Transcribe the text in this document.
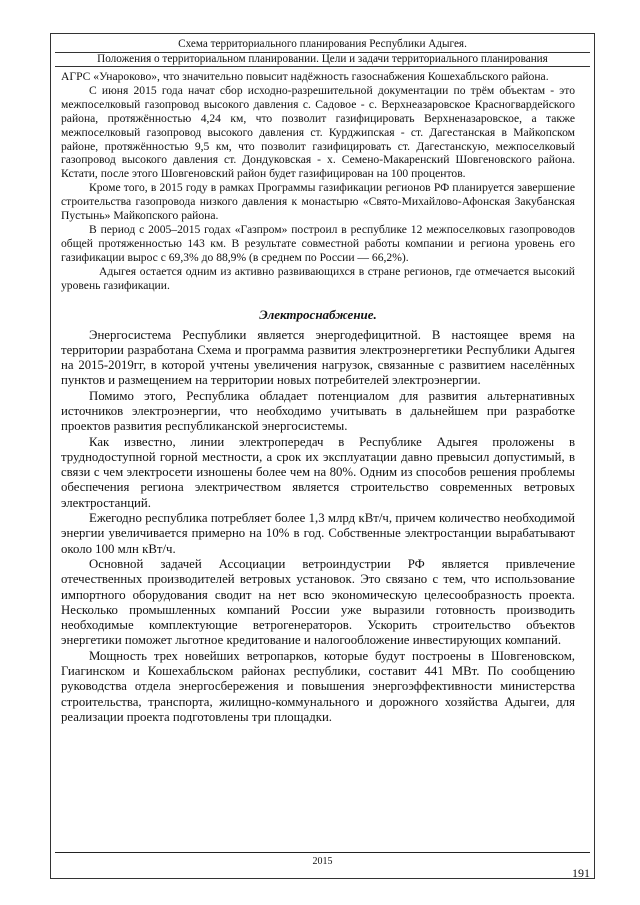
Схема территориального планирования Республики Адыгея.
Положения о территориальном планировании. Цели и задачи территориального планирования

АГРС «Унароково», что значительно повысит надёжность газоснабжения Кошехабльского района.

С июня 2015 года начат сбор исходно-разрешительной документации по трём объектам - это межпоселковый газопровод высокого давления с. Садовое - с. Верхнеазаровское Красногвардейского района, протяжённостью 4,24 км, что позволит газифицировать Верхненазаровское, а также межпоселковый газопровод высокого давления ст. Курджипская - ст. Дагестанская в Майкопском районе, протяжённостью 9,5 км, что позволит газифицировать ст. Дагестанскую, межпоселковый газопровод высокого давления ст. Дондуковская - х. Семено-Макаренский Шовгеновского района. Кстати, после этого Шовгеновский район будет газифицирован на 100 процентов.

Кроме того, в 2015 году в рамках Программы газификации регионов РФ планируется завершение строительства газопровода низкого давления к монастырю «Свято-Михайлово-Афонская Закубанская Пустынь» Майкопского района.

В период с 2005–2015 годах «Газпром» построил в республике 12 межпоселковых газопроводов общей протяженностью 143 км. В результате совместной работы компании и региона уровень его газификации вырос с 69,3% до 88,9% (в среднем по России — 66,2%).

Адыгея остается одним из активно развивающихся в стране регионов, где отмечается высокий уровень газификации.

Электроснабжение.

Энергосистема Республики является энергодефицитной. В настоящее время на территории разработана Схема и программа развития электроэнергетики Республики Адыгея на 2015-2019гг, в которой учтены увеличения нагрузок, связанные с развитием населённых пунктов и размещением на территории новых потребителей электроэнергии.

Помимо этого, Республика обладает потенциалом для развития альтернативных источников электроэнергии, что необходимо учитывать в дальнейшем при разработке проектов развития республиканской энергосистемы.

Как известно, линии электропередач в Республике Адыгея проложены в труднодоступной горной местности, а срок их эксплуатации давно превысил допустимый, в связи с чем электросети изношены более чем на 80%. Одним из способов решения проблемы обеспечения региона электричеством является строительство современных ветровых электростанций.

Ежегодно республика потребляет более 1,3 млрд кВт/ч, причем количество необходимой энергии увеличивается примерно на 10% в год. Собственные электростанции вырабатывают около 100 млн кВт/ч.

Основной задачей Ассоциации ветроиндустрии РФ является привлечение отечественных производителей ветровых установок. Это связано с тем, что использование импортного оборудования сводит на нет всю экономическую целесообразность проекта. Несколько промышленных компаний России уже выразили готовность производить необходимые комплектующие ветрогенераторов. Ускорить строительство объектов энергетики поможет льготное кредитование и налогообложение инвестирующих компаний.

Мощность трех новейших ветропарков, которые будут построены в Шовгеновском, Гиагинском и Кошехабльском районах республики, составит 441 МВт. По сообщению руководства отдела энергосбережения и повышения энергоэффективности министерства строительства, транспорта, жилищно-коммунального и дорожного хозяйства Адыгеи, для реализации проекта подготовлены три площадки.

2015
191
